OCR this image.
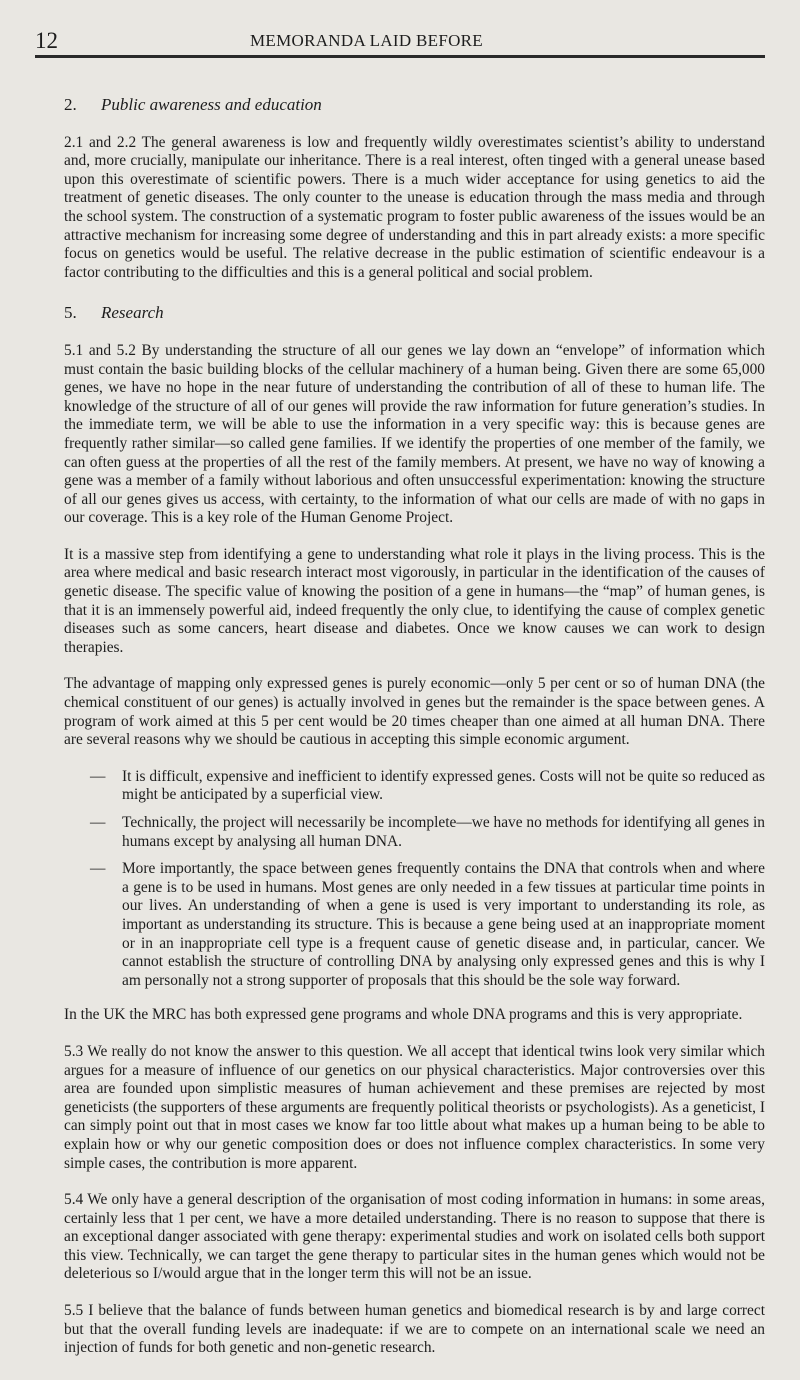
12	MEMORANDA LAID BEFORE
2. Public awareness and education

2.1 and 2.2 The general awareness is low and frequently wildly overestimates scientist’s ability to understand and, more crucially, manipulate our inheritance. There is a real interest, often tinged with a general unease based upon this overestimate of scientific powers. There is a much wider acceptance for using genetics to aid the treatment of genetic diseases. The only counter to the unease is education through the mass media and through the school system. The construction of a systematic program to foster public awareness of the issues would be an attractive mechanism for increasing some degree of understanding and this in part already exists: a more specific focus on genetics would be useful. The relative decrease in the public estimation of scientific endeavour is a factor contributing to the difficulties and this is a general political and social problem.

5. Research

5.1 and 5.2 By understanding the structure of all our genes we lay down an “envelope” of information which must contain the basic building blocks of the cellular machinery of a human being. Given there are some 65,000 genes, we have no hope in the near future of understanding the contribution of all of these to human life. The knowledge of the structure of all of our genes will provide the raw information for future generation’s studies. In the immediate term, we will be able to use the information in a very specific way: this is because genes are frequently rather similar—so called gene families. If we identify the properties of one member of the family, we can often guess at the properties of all the rest of the family members. At present, we have no way of knowing a gene was a member of a family without laborious and often unsuccessful experimentation: knowing the structure of all our genes gives us access, with certainty, to the information of what our cells are made of with no gaps in our coverage. This is a key role of the Human Genome Project.

It is a massive step from identifying a gene to understanding what role it plays in the living process. This is the area where medical and basic research interact most vigorously, in particular in the identification of the causes of genetic disease. The specific value of knowing the position of a gene in humans—the “map” of human genes, is that it is an immensely powerful aid, indeed frequently the only clue, to identifying the cause of complex genetic diseases such as some cancers, heart disease and diabetes. Once we know causes we can work to design therapies.

The advantage of mapping only expressed genes is purely economic—only 5 per cent or so of human DNA (the chemical constituent of our genes) is actually involved in genes but the remainder is the space between genes. A program of work aimed at this 5 per cent would be 20 times cheaper than one aimed at all human DNA. There are several reasons why we should be cautious in accepting this simple economic argument.

— It is difficult, expensive and inefficient to identify expressed genes. Costs will not be quite so reduced as might be anticipated by a superficial view.
— Technically, the project will necessarily be incomplete—we have no methods for identifying all genes in humans except by analysing all human DNA.
— More importantly, the space between genes frequently contains the DNA that controls when and where a gene is to be used in humans. Most genes are only needed in a few tissues at particular time points in our lives. An understanding of when a gene is used is very important to understanding its role, as important as understanding its structure. This is because a gene being used at an inappropriate moment or in an inappropriate cell type is a frequent cause of genetic disease and, in particular, cancer. We cannot establish the structure of controlling DNA by analysing only expressed genes and this is why I am personally not a strong supporter of proposals that this should be the sole way forward.

In the UK the MRC has both expressed gene programs and whole DNA programs and this is very appropriate.

5.3 We really do not know the answer to this question. We all accept that identical twins look very similar which argues for a measure of influence of our genetics on our physical characteristics. Major controversies over this area are founded upon simplistic measures of human achievement and these premises are rejected by most geneticists (the supporters of these arguments are frequently political theorists or psychologists). As a geneticist, I can simply point out that in most cases we know far too little about what makes up a human being to be able to explain how or why our genetic composition does or does not influence complex characteristics. In some very simple cases, the contribution is more apparent.

5.4 We only have a general description of the organisation of most coding information in humans: in some areas, certainly less that 1 per cent, we have a more detailed understanding. There is no reason to suppose that there is an exceptional danger associated with gene therapy: experimental studies and work on isolated cells both support this view. Technically, we can target the gene therapy to particular sites in the human genes which would not be deleterious so I/would argue that in the longer term this will not be an issue.

5.5 I believe that the balance of funds between human genetics and biomedical research is by and large correct but that the overall funding levels are inadequate: if we are to compete on an international scale we need an injection of funds for both genetic and non-genetic research.
